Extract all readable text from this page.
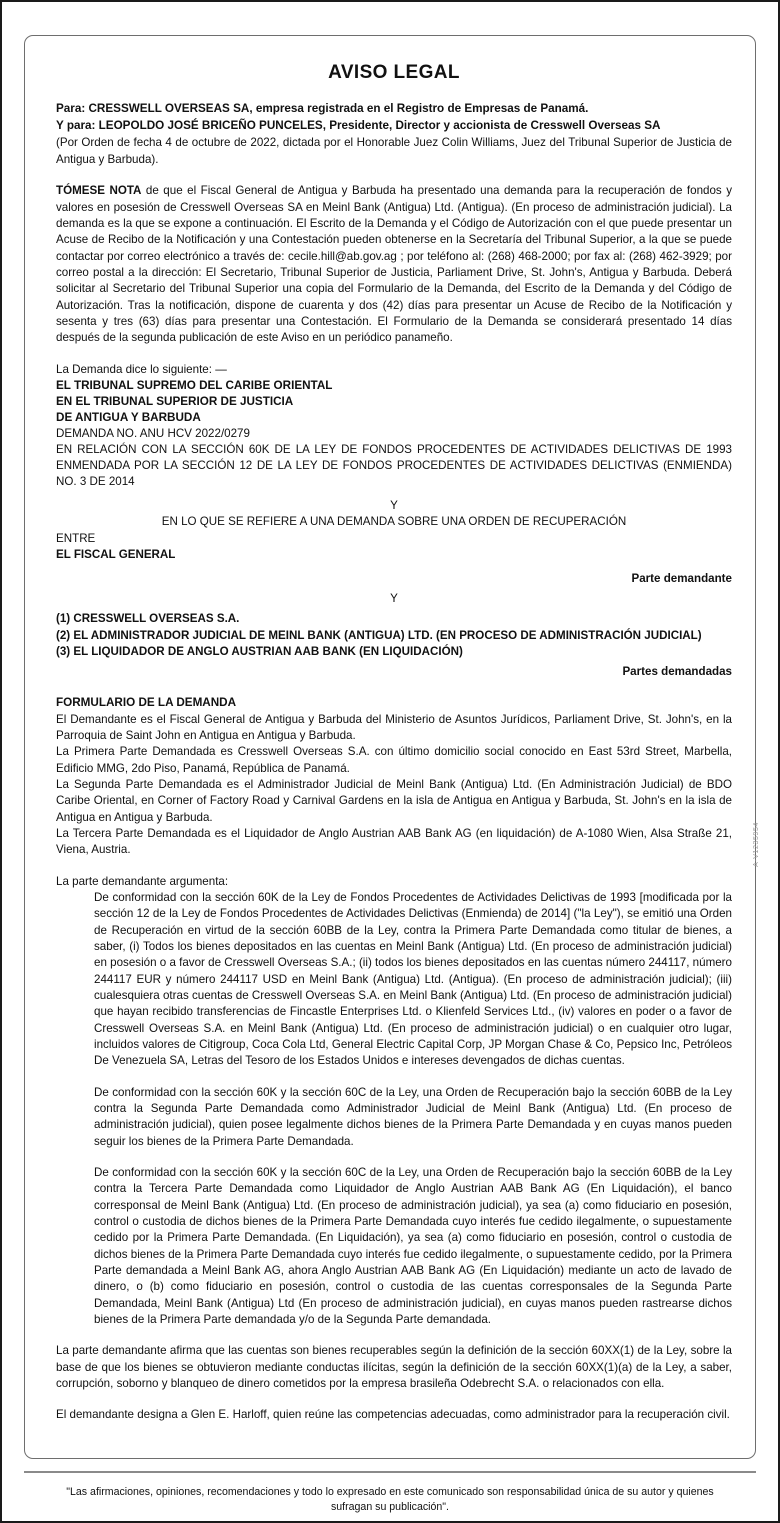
AVISO LEGAL

Para: CRESSWELL OVERSEAS SA, empresa registrada en el Registro de Empresas de Panamá.

Y para: LEOPOLDO JOSÉ BRICEÑO PUNCELES, Presidente, Director y accionista de Cresswell Overseas SA

(Por Orden de fecha 4 de octubre de 2022, dictada por el Honorable Juez Colin Williams, Juez del Tribunal Superior de Justicia de Antigua y Barbuda).

TÓMESE NOTA de que el Fiscal General de Antigua y Barbuda ha presentado una demanda para la recuperación de fondos y valores en posesión de Cresswell Overseas SA en Meinl Bank (Antigua) Ltd. (Antigua). (En proceso de administración judicial). La demanda es la que se expone a continuación. El Escrito de la Demanda y el Código de Autorización con el que puede presentar un Acuse de Recibo de la Notificación y una Contestación pueden obtenerse en la Secretaría del Tribunal Superior, a la que se puede contactar por correo electrónico a través de: cecile.hill@ab.gov.ag ; por teléfono al: (268) 468-2000; por fax al: (268) 462-3929; por correo postal a la dirección: El Secretario, Tribunal Superior de Justicia, Parliament Drive, St. John's, Antigua y Barbuda. Deberá solicitar al Secretario del Tribunal Superior una copia del Formulario de la Demanda, del Escrito de la Demanda y del Código de Autorización. Tras la notificación, dispone de cuarenta y dos (42) días para presentar un Acuse de Recibo de la Notificación y sesenta y tres (63) días para presentar una Contestación. El Formulario de la Demanda se considerará presentado 14 días después de la segunda publicación de este Aviso en un periódico panameño.

La Demanda dice lo siguiente: —

EL TRIBUNAL SUPREMO DEL CARIBE ORIENTAL

EN EL TRIBUNAL SUPERIOR DE JUSTICIA

DE ANTIGUA Y BARBUDA

DEMANDA NO. ANU HCV 2022/0279

EN RELACIÓN CON LA SECCIÓN 60K DE LA LEY DE FONDOS PROCEDENTES DE ACTIVIDADES DELICTIVAS DE 1993 ENMENDADA POR LA SECCIÓN 12 DE LA LEY DE FONDOS PROCEDENTES DE ACTIVIDADES DELICTIVAS (ENMIENDA) NO. 3 DE 2014

Y

EN LO QUE SE REFIERE A UNA DEMANDA SOBRE UNA ORDEN DE RECUPERACIÓN

ENTRE

EL FISCAL GENERAL

Parte demandante

Y

(1) CRESSWELL OVERSEAS S.A.

(2) EL ADMINISTRADOR JUDICIAL DE MEINL BANK (ANTIGUA) LTD. (EN PROCESO DE ADMINISTRACIÓN JUDICIAL)

(3) EL LIQUIDADOR DE ANGLO AUSTRIAN AAB BANK (EN LIQUIDACIÓN)

Partes demandadas

FORMULARIO DE LA DEMANDA

El Demandante es el Fiscal General de Antigua y Barbuda del Ministerio de Asuntos Jurídicos, Parliament Drive, St. John's, en la Parroquia de Saint John en Antigua en Antigua y Barbuda.

La Primera Parte Demandada es Cresswell Overseas S.A. con último domicilio social conocido en East 53rd Street, Marbella, Edificio MMG, 2do Piso, Panamá, República de Panamá.

La Segunda Parte Demandada es el Administrador Judicial de Meinl Bank (Antigua) Ltd. (En Administración Judicial) de BDO Caribe Oriental, en Corner of Factory Road y Carnival Gardens en la isla de Antigua en Antigua y Barbuda, St. John's en la isla de Antigua en Antigua y Barbuda.

La Tercera Parte Demandada es el Liquidador de Anglo Austrian AAB Bank AG (en liquidación) de A-1080 Wien, Alsa Straße 21, Viena, Austria.

La parte demandante argumenta:

De conformidad con la sección 60K de la Ley de Fondos Procedentes de Actividades Delictivas de 1993 [modificada por la sección 12 de la Ley de Fondos Procedentes de Actividades Delictivas (Enmienda) de 2014] ("la Ley"), se emitió una Orden de Recuperación en virtud de la sección 60BB de la Ley, contra la Primera Parte Demandada como titular de bienes, a saber, (i) Todos los bienes depositados en las cuentas en Meinl Bank (Antigua) Ltd. (En proceso de administración judicial) en posesión o a favor de Cresswell Overseas S.A.; (ii) todos los bienes depositados en las cuentas número 244117, número 244117 EUR y número 244117 USD en Meinl Bank (Antigua) Ltd. (Antigua). (En proceso de administración judicial); (iii) cualesquiera otras cuentas de Cresswell Overseas S.A. en Meinl Bank (Antigua) Ltd. (En proceso de administración judicial) que hayan recibido transferencias de Fincastle Enterprises Ltd. o Klienfeld Services Ltd., (iv) valores en poder o a favor de Cresswell Overseas S.A. en Meinl Bank (Antigua) Ltd. (En proceso de administración judicial) o en cualquier otro lugar, incluidos valores de Citigroup, Coca Cola Ltd, General Electric Capital Corp, JP Morgan Chase & Co, Pepsico Inc, Petróleos De Venezuela SA, Letras del Tesoro de los Estados Unidos e intereses devengados de dichas cuentas.

De conformidad con la sección 60K y la sección 60C de la Ley, una Orden de Recuperación bajo la sección 60BB de la Ley contra la Segunda Parte Demandada como Administrador Judicial de Meinl Bank (Antigua) Ltd. (En proceso de administración judicial), quien posee legalmente dichos bienes de la Primera Parte Demandada y en cuyas manos pueden seguir los bienes de la Primera Parte Demandada.

De conformidad con la sección 60K y la sección 60C de la Ley, una Orden de Recuperación bajo la sección 60BB de la Ley contra la Tercera Parte Demandada como Liquidador de Anglo Austrian AAB Bank AG (En Liquidación), el banco corresponsal de Meinl Bank (Antigua) Ltd. (En proceso de administración judicial), ya sea (a) como fiduciario en posesión, control o custodia de dichos bienes de la Primera Parte Demandada cuyo interés fue cedido ilegalmente, o supuestamente cedido por la Primera Parte Demandada. (En Liquidación), ya sea (a) como fiduciario en posesión, control o custodia de dichos bienes de la Primera Parte Demandada cuyo interés fue cedido ilegalmente, o supuestamente cedido, por la Primera Parte demandada a Meinl Bank AG, ahora Anglo Austrian AAB Bank AG (En Liquidación) mediante un acto de lavado de dinero, o (b) como fiduciario en posesión, control o custodia de las cuentas corresponsales de la Segunda Parte Demandada, Meinl Bank (Antigua) Ltd (En proceso de administración judicial), en cuyas manos pueden rastrearse dichos bienes de la Primera Parte demandada y/o de la Segunda Parte demandada.

La parte demandante afirma que las cuentas son bienes recuperables según la definición de la sección 60XX(1) de la Ley, sobre la base de que los bienes se obtuvieron mediante conductas ilícitas, según la definición de la sección 60XX(1)(a) de la Ley, a saber, corrupción, soborno y blanqueo de dinero cometidos por la empresa brasileña Odebrecht S.A. o relacionados con ella.

El demandante designa a Glen E. Harloff, quien reúne las competencias adecuadas, como administrador para la recuperación civil.

A-V1235954

"Las afirmaciones, opiniones, recomendaciones y todo lo expresado en este comunicado son responsabilidad única de su autor y quienes sufragan su publicación".
